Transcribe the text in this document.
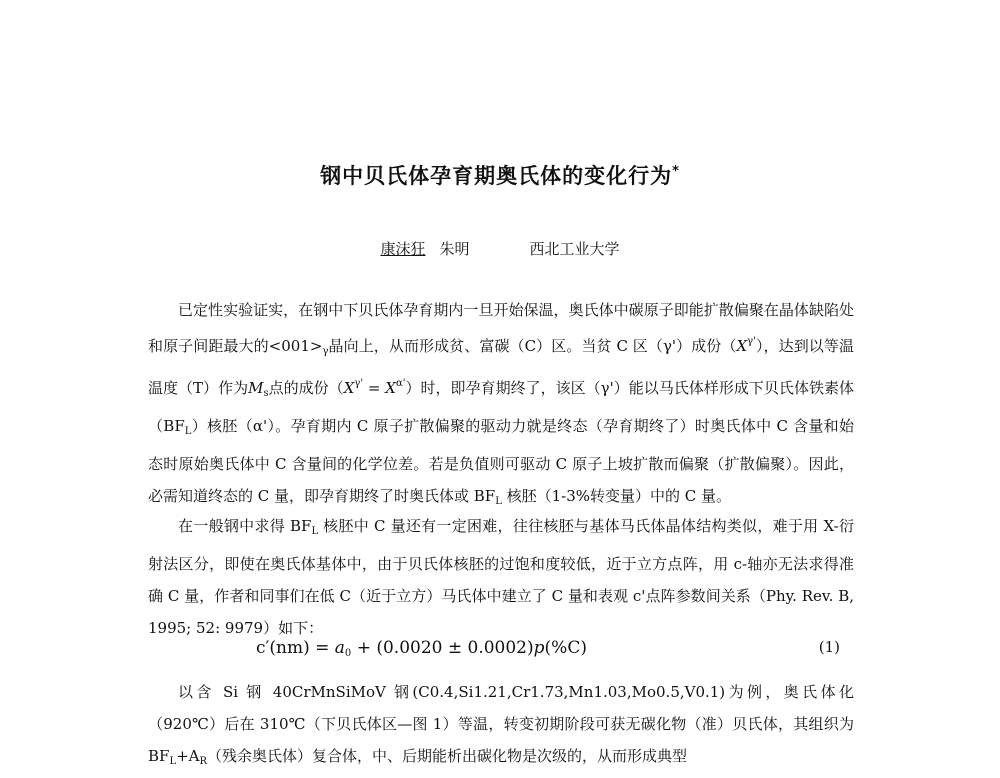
钢中贝氏体孕育期奥氏体的变化行为*
康沫狂 朱明	西北工业大学

已定性实验证实，在钢中下贝氏体孕育期内一旦开始保温，奥氏体中碳原子即能扩散偏聚在晶体缺陷处和原子间距最大的$<001>_\gamma$晶向上，从而形成贫、富碳（C）区。当贫 C 区（γ'）成份$(X^{\gamma'})$，达到以等温温度（T）作为$M_s$点的成份$(X^{\gamma'} = X^{\alpha'})$时，即孕育期终了，该区（γ'）能以马氏体样形成下贝氏体铁素体$(BF_L)$核胚（α'）。孕育期内 C 原子扩散偏聚的驱动力就是终态（孕育期终了）时奥氏体中 C 含量和始态时原始奥氏体中 C 含量间的化学位差。若是负值则可驱动 C 原子上坡扩散而偏聚（扩散偏聚）。因此，必需知道终态的 C 量，即孕育期终了时奥氏体或 $BF_L$ 核胚（1-3%转变量）中的 C 量。

在一般钢中求得 $BF_L$ 核胚中 C 量还有一定困难，往往核胚与基体马氏体晶体结构类似，难于用 X-衍射法区分，即使在奥氏体基体中，由于贝氏体核胚的过饱和度较低，近于立方点阵，用 c-轴亦无法求得准确 C 量，作者和同事们在低 C（近于立方）马氏体中建立了 C 量和表观 c'点阵参数间关系（Phy. Rev. B, 1995; 52: 9979）如下：

$c'(nm) = a_0 + (0.0020 \pm 0.0002)p(\%C)$	(1)

以含 Si 钢 40CrMnSiMoV 钢(C0.4,Si1.21,Cr1.73,Mn1.03,Mo0.5,V0.1)为例，奥氏体化（920℃）后在 310℃（下贝氏体区—图 1）等温，转变初期阶段可获无碳化物（准）贝氏体，其组织为 $BF_L+A_R$（残余奥氏体）复合体，中、后期能析出碳化物是次级的，从而形成典型
